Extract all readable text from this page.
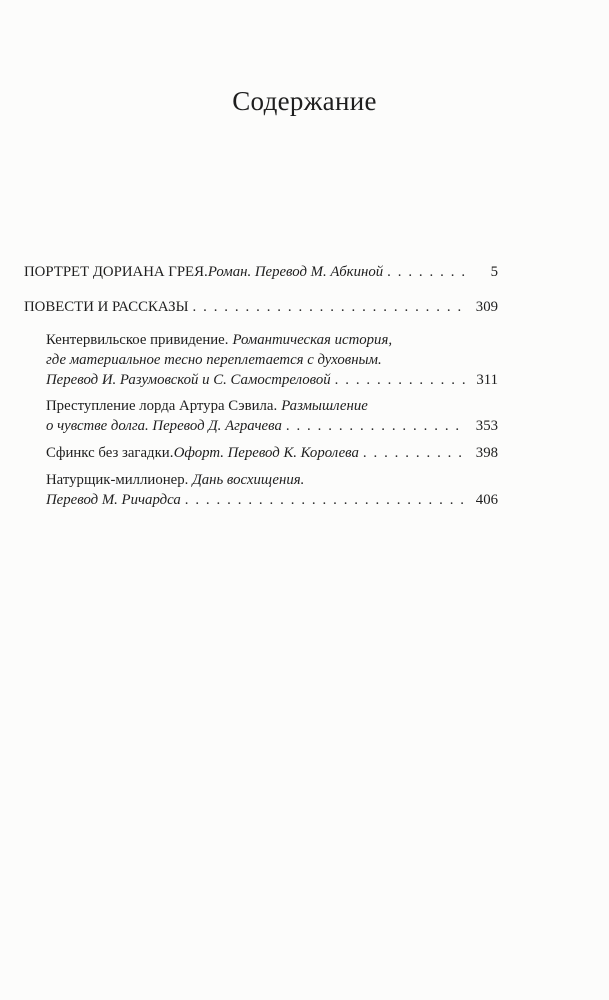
Содержание
ПОРТРЕТ ДОРИАНА ГРЕЯ. Роман. Перевод М. Абкиной . . .	5
ПОВЕСТИ И РАССКАЗЫ . . .	309
Кентервильское привидение. Романтическая история,
где материальное тесно переплетается с духовным.
Перевод И. Разумовской и С. Самостреловой . . .	311
Преступление лорда Артура Сэвила. Размышление
о чувстве долга. Перевод Д. Аграчева . . .	353
Сфинкс без загадки. Офорт. Перевод К. Королева . . .	398
Натурщик-миллионер. Дань восхищения.
Перевод М. Ричардса . . .	406
